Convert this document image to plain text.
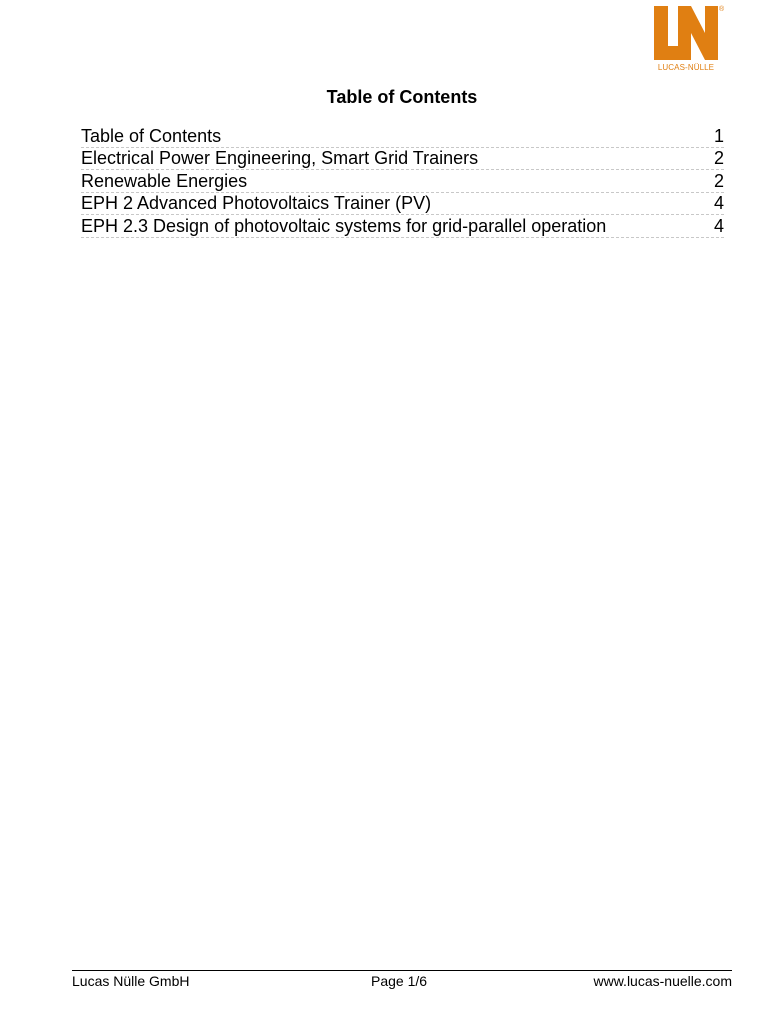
®
LUCAS-NÜLLE
Table of Contents
Table of Contents	1
Electrical Power Engineering, Smart Grid Trainers	2
Renewable Energies	2
EPH 2 Advanced Photovoltaics Trainer (PV)	4
EPH 2.3 Design of photovoltaic systems for grid-parallel operation	4
Lucas Nülle GmbH	Page 1/6	www.lucas-nuelle.com
